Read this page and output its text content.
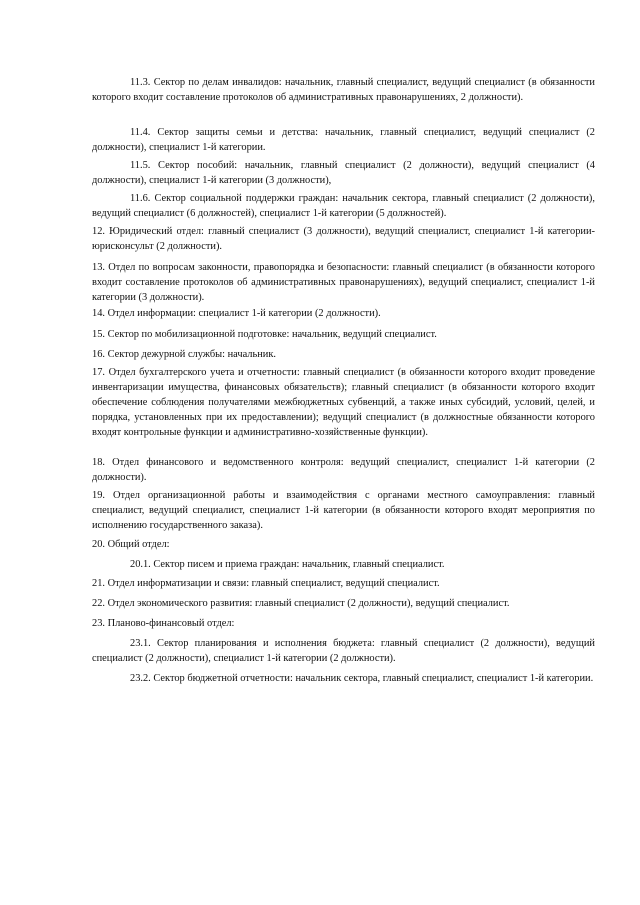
11.3. Сектор по делам инвалидов: начальник, главный специалист, ведущий специалист (в обязанности которого входит составление протоколов об административных правонарушениях, 2 должности).

11.4. Сектор защиты семьи и детства: начальник, главный специалист, ведущий специалист (2 должности), специалист 1-й категории.

11.5. Сектор пособий: начальник, главный специалист (2 должности), ведущий специалист (4 должности), специалист 1-й категории (3 должности),

11.6. Сектор социальной поддержки граждан: начальник сектора, главный специалист (2 должности), ведущий специалист (6 должностей), специалист 1-й категории (5 должностей).

12. Юридический отдел: главный специалист (3 должности), ведущий специалист, специалист 1-й категории-юрисконсульт (2 должности).

13. Отдел по вопросам законности, правопорядка и безопасности: главный специалист (в обязанности которого входит составление протоколов об административных правонарушениях), ведущий специалист, специалист 1-й категории (3 должности).

14. Отдел информации: специалист 1-й категории (2 должности).

15. Сектор по мобилизационной подготовке: начальник, ведущий специалист.

16. Сектор дежурной службы: начальник.

17. Отдел бухгалтерского учета и отчетности: главный специалист (в обязанности которого входит проведение инвентаризации имущества, финансовых обязательств); главный специалист (в обязанности которого входит обеспечение соблюдения получателями межбюджетных субвенций, а также иных субсидий, условий, целей, и порядка, установленных при их предоставлении); ведущий специалист (в должностные обязанности которого входят контрольные функции и административно-хозяйственные функции).

18. Отдел финансового и ведомственного контроля: ведущий специалист, специалист 1-й категории (2 должности).

19. Отдел организационной работы и взаимодействия с органами местного самоуправления: главный специалист, ведущий специалист, специалист 1-й категории (в обязанности которого входят мероприятия по исполнению государственного заказа).

20. Общий отдел:

20.1. Сектор писем и приема граждан: начальник, главный специалист.

21. Отдел информатизации и связи: главный специалист, ведущий специалист.

22. Отдел экономического развития: главный специалист (2 должности), ведущий специалист.

23. Планово-финансовый отдел:

23.1. Сектор планирования и исполнения бюджета: главный специалист (2 должности), ведущий специалист (2 должности), специалист 1-й категории (2 должности).

23.2. Сектор бюджетной отчетности: начальник сектора, главный специалист, специалист 1-й категории.
